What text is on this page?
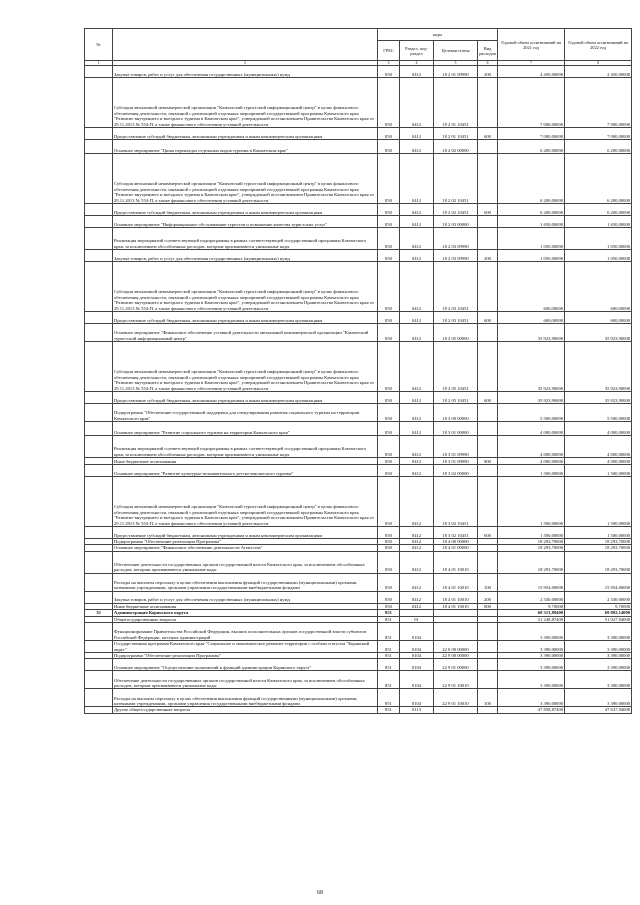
№		коды				Годовой объем ассигнований на 2021 год	Годовой объем ассигнований на 2022 год
		ГРБС	Раздел, под-раздел	Целевая статья	Вид расходов		
1	2	3	4	5	6	7	8
	Закупка товаров, работ и услуг для обеспечения государственных (муниципальных) нужд	850	0412	18 2 01 09990	200	4 450,00000	2 450,00000
	Субсидия автономной некоммерческой организации "Камчатский туристский информационный центр" в целях финансового обеспечения деятельности, связанной с реализацией отдельных мероприятий государственной программы Камчатского края "Развитие внутреннего и въездного туризма в Камчатском крае", утвержденной постановлением Правительства Камчатского края от 29.11.2013 № 554-П, а также финансового обеспечения уставной деятельности	850	0412	18 2 01 10451		7 000,00000	7 000,00000
	Предоставление субсидий бюджетным, автономным учреждениям и иным некоммерческим организациям	850	0412	18 2 01 10451	600	7 000,00000	7 000,00000
	Основное мероприятие "Циша перевладал отдельных видов туризма в Камчатском крае"	850	0412	18 2 02 00000		6 200,00000	6 200,00000
	Субсидия автономной некоммерческой организации "Камчатский туристский информационный центр" в целях финансового обеспечения деятельности, связанной с реализацией отдельных мероприятий государственной программы Камчатского края "Развитие внутреннего и въездного туризма в Камчатском крае", утвержденной постановлением Правительства Камчатского края от 29.11.2013 № 554-П, а также финансового обеспечения уставной деятельности	850	0412	18 2 02 10451		6 200,00000	6 200,00000
	Предоставление субсидий бюджетным, автономным учреждениям и иным некоммерческим организациям	850	0412	18 2 02 10451	600	6 200,00000	6 200,00000
	Основное мероприятие "Информационное обслуживание туристов и повышение качества туристских услуг"	850	0412	18 2 03 00000		1 650,00000	1 650,00000
	Реализация мероприятий соответствующей подпрограммы в рамках соответствующей государственной программы Камчатского края, за исключением обособленных расходов, которым присваиваются уникальные коды	850	0412	18 2 03 09990		1 050,00000	1 050,00000
	Закупка товаров, работ и услуг для обеспечения государственных (муниципальных) нужд	850	0412	18 2 03 09990	200	1 050,00000	1 050,00000
	Субсидия автономной некоммерческой организации "Камчатский туристский информационный центр" в целях финансового обеспечения деятельности, связанной с реализацией отдельных мероприятий государственной программы Камчатского края "Развитие внутреннего и въездного туризма в Камчатском крае", утвержденной постановлением Правительства Камчатского края от 29.11.2013 № 554-П, а также финансового обеспечения уставной деятельности	850	0412	18 2 03 10451		600,00000	600,00000
	Предоставление субсидий бюджетным, автономным учреждениям и иным некоммерческим организациям	850	0412	18 2 03 10451	600	600,00000	600,00000
	Основное мероприятие "Финансовое обеспечение уставной деятельности автономной некоммерческой организации "Камчатский туристский информационный центр"	850	0412	18 2 05 00000		35 923,90000	35 923,90000
	Субсидия автономной некоммерческой организации "Камчатский туристский информационный центр" в целях финансового обеспечения деятельности, связанной с реализацией отдельных мероприятий государственной программы Камчатского края "Развитие внутреннего и въездного туризма в Камчатском крае", утвержденной постановлением Правительства Камчатского края от 29.11.2013 № 554-П, а также финансового обеспечения уставной деятельности	850	0412	18 2 05 10451		35 923,90000	35 923,90000
	Предоставление субсидий бюджетным, автономным учреждениям и иным некоммерческим организациям	850	0412	18 2 05 10451	600	35 923,90000	35 923,90000
	Подпрограмма "Обеспечение государственной поддержки для стимулирования развития социального туризма на территории Камчатского края"	850	0412	18 3 00 00000		5 500,00000	5 500,00000
	Основное мероприятие "Развитие социального туризма на территории Камчатского края"	850	0412	18 3 01 00000		4 000,00000	4 000,00000
	Реализация мероприятий соответствующей подпрограммы в рамках соответствующей государственной программы Камчатского края, за исключением обособленных расходов, которым присваиваются уникальные коды	850	0412	18 3 01 09990		4 000,00000	4 000,00000
	Иные бюджетные ассигнования	850	0412	18 3 01 09990	800	4 000,00000	4 000,00000
	Основное мероприятие "Развитие культурно-познавательного детско-юношеского туризма"	850	0412	18 3 02 00000		1 500,00000	1 500,00000
	Субсидия автономной некоммерческой организации "Камчатский туристский информационный центр" в целях финансового обеспечения деятельности, связанной с реализацией отдельных мероприятий государственной программы Камчатского края "Развитие внутреннего и въездного туризма в Камчатском крае", утвержденной постановлением Правительства Камчатского края от 29.11.2013 № 554-П, а также финансового обеспечения уставной деятельности	850	0412	18 3 02 10451		1 500,00000	1 500,00000
	Предоставление субсидий бюджетным, автономным учреждениям и иным некоммерческим организациям	850	0412	18 3 02 10451	600	1 500,00000	1 500,00000
	Подпрограмма "Обеспечение реализации Программы"	850	0412	18 4 00 00000		18 293,70000	18 293,70000
	Основное мероприятие "Финансовое обеспечение деятельности Агентства"	850	0412	18 4 01 00000		18 293,70000	18 293,70000
	Обеспечение деятельности государственных органов государственной власти Камчатского края, за исключением обособленных расходов, которым присваиваются уникальные коды	850	0412	18 4 01 10010		18 293,70000	18 293,70000
	Расходы на выплаты персоналу в целях обеспечения выполнения функций государственными (муниципальными) органами, казенными учреждениями, органами управления государственными внебюджетными фондами	850	0412	18 4 01 10010	100	15 954,00000	15 954,00000
	Закупка товаров, работ и услуг для обеспечения государственных (муниципальных) нужд	850	0412	18 4 01 10010	200	2 330,00000	2 330,00000
	Иные бюджетные ассигнования	850	0412	18 4 01 10010	800	9,70000	9,70000
35	Администрация Корякского округа	851				68 313,89400	69 092,14000
	Общегосударственные вопросы	851	01			51 248,87400	51 027,94000
	Функционирование Правительства Российской Федерации, высших исполнительных органов государственной власти субъектов Российской Федерации, местных администраций	851	0104			3 390,00000	3 390,00000
	Государственная программа Камчатского края "Социальное и экономическое развитие территории с особым статусом "Корякский округ"	851	0104	22 0 00 00000		3 390,00000	3 390,00000
	Подпрограмма "Обеспечение реализации Программы"	851	0104	22 9 00 00000		3 390,00000	3 390,00000
	Основное мероприятие "Осуществление полномочий и функций администрации Корякского округа"	851	0104	22 9 01 00000		3 390,00000	3 390,00000
	Обеспечение деятельности государственных органов государственной власти Камчатского края, за исключением обособленных расходов, которым присваиваются уникальные коды	851	0104	22 9 01 10010		3 390,00000	3 390,00000
	Расходы на выплаты персоналу в целях обеспечения выполнения функций государственными (муниципальными) органами, казенными учреждениями, органами управления государственными внебюджетными фондами	851	0104	22 9 01 10010	100	3 390,00000	3 390,00000
	Другие общегосударственные вопросы	851	0113			47 858,87400	47 637,94000
68
